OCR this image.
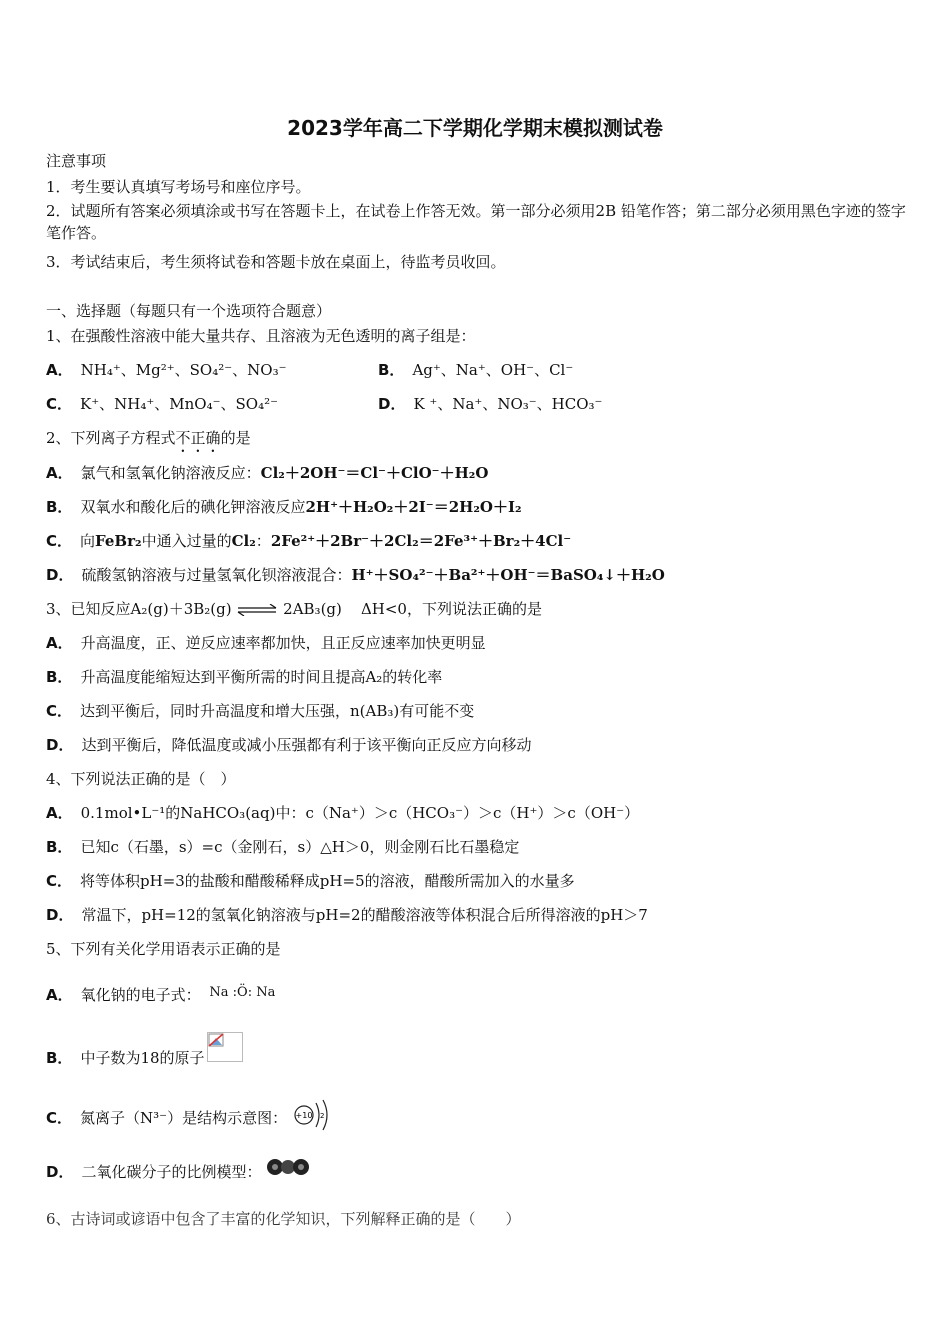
2023学年高二下学期化学期末模拟测试卷
注意事项
1．考生要认真填写考场号和座位序号。
2．试题所有答案必须填涂或书写在答题卡上，在试卷上作答无效。第一部分必须用2B 铅笔作答；第二部分必须用黑色字迹的签字笔作答。
3．考试结束后，考生须将试卷和答题卡放在桌面上，待监考员收回。
一、选择题（每题只有一个选项符合题意）
1、在强酸性溶液中能大量共存、且溶液为无色透明的离子组是：
A． NH₄⁺、Mg²⁺、SO₄²⁻、NO₃⁻	B． Ag⁺、Na⁺、OH⁻、Cl⁻
C． K⁺、NH₄⁺、MnO₄⁻、SO₄²⁻	D． K ⁺、Na⁺、NO₃⁻、HCO₃⁻
2、下列离子方程式不正确的是
A． 氯气和氢氧化钠溶液反应：Cl₂＋2OH⁻＝Cl⁻＋ClO⁻＋H₂O
B． 双氧水和酸化后的碘化钾溶液反应2H⁺＋H₂O₂＋2I⁻＝2H₂O＋I₂
C． 向FeBr₂中通入过量的Cl₂：2Fe²⁺＋2Br⁻＋2Cl₂＝2Fe³⁺＋Br₂＋4Cl⁻
D． 硫酸氢钠溶液与过量氢氧化钡溶液混合：H⁺＋SO₄²⁻＋Ba²⁺＋OH⁻＝BaSO₄↓＋H₂O
3、已知反应A₂(g)＋3B₂(g) ⇌ 2AB₃(g) ΔH<0，下列说法正确的是
A． 升高温度，正、逆反应速率都加快，且正反应速率加快更明显
B． 升高温度能缩短达到平衡所需的时间且提高A₂的转化率
C． 达到平衡后，同时升高温度和增大压强，n(AB₃)有可能不变
D． 达到平衡后，降低温度或减小压强都有利于该平衡向正反应方向移动
4、下列说法正确的是（　）
A． 0.1mol•L⁻¹的NaHCO₃(aq)中：c（Na⁺）＞c（HCO₃⁻）＞c（H⁺）＞c（OH⁻）
B． 已知c（石墨，s）=c（金刚石，s）△H＞0，则金刚石比石墨稳定
C． 将等体积pH=3的盐酸和醋酸稀释成pH=5的溶液，醋酸所需加入的水量多
D． 常温下，pH=12的氢氧化钠溶液与pH=2的醋酸溶液等体积混合后所得溶液的pH＞7
5、下列有关化学用语表示正确的是
A． 氧化钠的电子式： Na :Ö: Na
B． 中子数为18的原子
C． 氮离子（N³⁻）是结构示意图： +10 2
D． 二氧化碳分子的比例模型：
6、古诗词或谚语中包含了丰富的化学知识，下列解释正确的是（　　）
